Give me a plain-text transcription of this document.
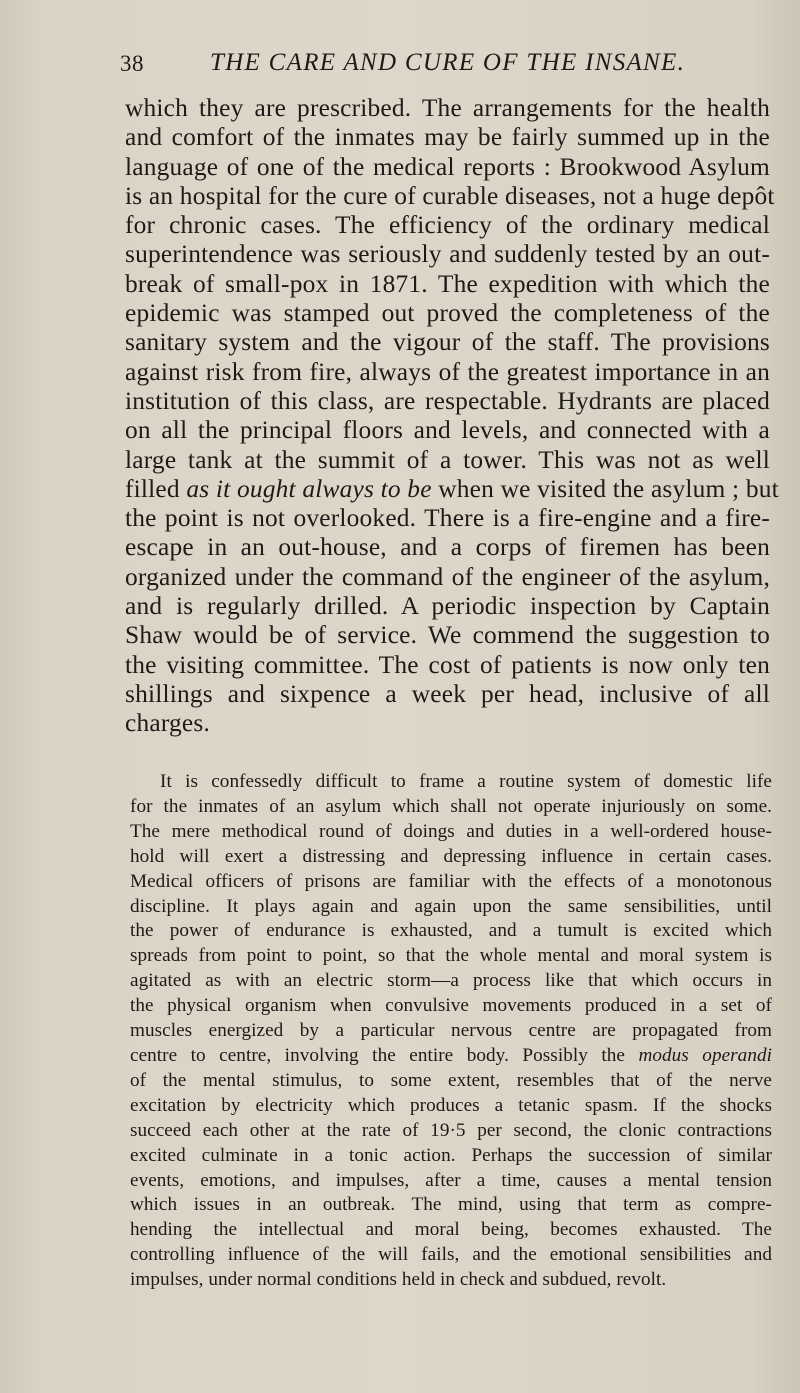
38	THE CARE AND CURE OF THE INSANE.
which they are prescribed. The arrangements for the health
and comfort of the inmates may be fairly summed up in the
language of one of the medical reports : Brookwood Asylum
is an hospital for the cure of curable diseases, not a huge depôt
for chronic cases. The efficiency of the ordinary medical
superintendence was seriously and suddenly tested by an out-
break of small-pox in 1871. The expedition with which the
epidemic was stamped out proved the completeness of the
sanitary system and the vigour of the staff. The provisions
against risk from fire, always of the greatest importance in an
institution of this class, are respectable. Hydrants are placed
on all the principal floors and levels, and connected with a
large tank at the summit of a tower. This was not as well
filled as it ought always to be when we visited the asylum ; but
the point is not overlooked. There is a fire-engine and a fire-
escape in an out-house, and a corps of firemen has been
organized under the command of the engineer of the asylum,
and is regularly drilled. A periodic inspection by Captain
Shaw would be of service. We commend the suggestion to
the visiting committee. The cost of patients is now only ten
shillings and sixpence a week per head, inclusive of all
charges.
It is confessedly difficult to frame a routine system of domestic life
for the inmates of an asylum which shall not operate injuriously on some.
The mere methodical round of doings and duties in a well-ordered house-
hold will exert a distressing and depressing influence in certain cases.
Medical officers of prisons are familiar with the effects of a monotonous
discipline. It plays again and again upon the same sensibilities, until
the power of endurance is exhausted, and a tumult is excited which
spreads from point to point, so that the whole mental and moral system is
agitated as with an electric storm—a process like that which occurs in
the physical organism when convulsive movements produced in a set of
muscles energized by a particular nervous centre are propagated from
centre to centre, involving the entire body. Possibly the modus operandi
of the mental stimulus, to some extent, resembles that of the nerve
excitation by electricity which produces a tetanic spasm. If the shocks
succeed each other at the rate of 19·5 per second, the clonic contractions
excited culminate in a tonic action. Perhaps the succession of similar
events, emotions, and impulses, after a time, causes a mental tension
which issues in an outbreak. The mind, using that term as compre-
hending the intellectual and moral being, becomes exhausted. The
controlling influence of the will fails, and the emotional sensibilities and
impulses, under normal conditions held in check and subdued, revolt.
